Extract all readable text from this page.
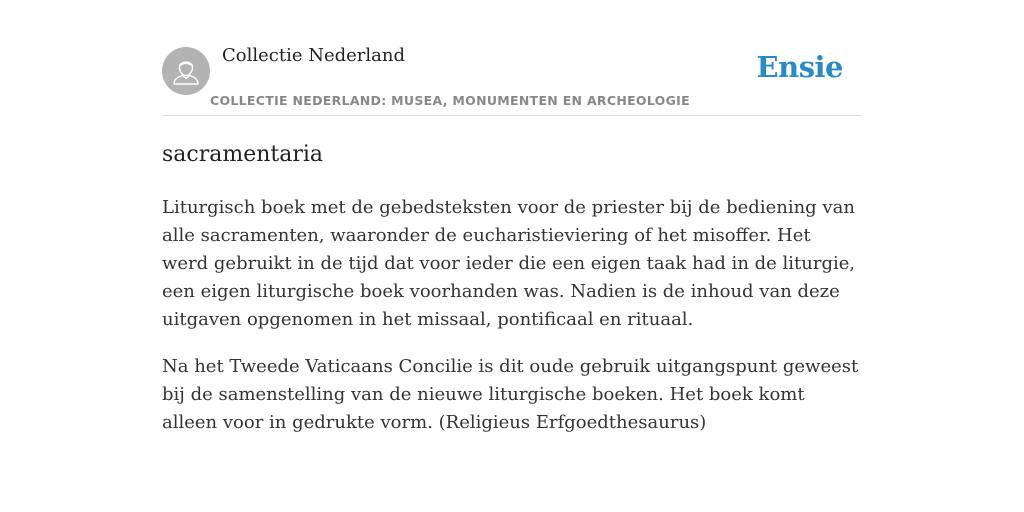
Collectie Nederland
COLLECTIE NEDERLAND: MUSEA, MONUMENTEN EN ARCHEOLOGIE
Ensie
sacramentaria

Liturgisch boek met de gebedsteksten voor de priester bij de bediening van alle sacramenten, waaronder de eucharistieviering of het misoffer. Het werd gebruikt in de tijd dat voor ieder die een eigen taak had in de liturgie, een eigen liturgische boek voorhanden was. Nadien is de inhoud van deze uitgaven opgenomen in het missaal, pontificaal en rituaal.

Na het Tweede Vaticaans Concilie is dit oude gebruik uitgangspunt geweest bij de samenstelling van de nieuwe liturgische boeken. Het boek komt alleen voor in gedrukte vorm. (Religieus Erfgoedthesaurus)
